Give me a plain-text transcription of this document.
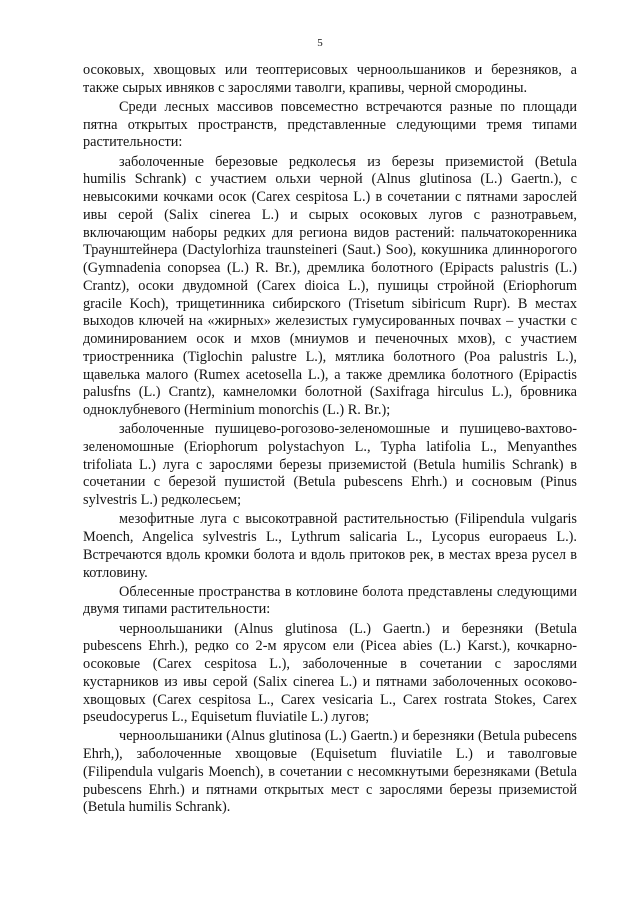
5

осоковых, хвощовых или теоптерисовых черноольшаников и березняков, а также сырых ивняков с зарослями таволги, крапивы, черной смородины.

Среди лесных массивов повсеместно встречаются разные по площади пятна открытых пространств, представленные следующими тремя типами растительности:

заболоченные березовые редколесья из березы приземистой (Betula humilis Schrank) с участием ольхи черной (Alnus glutinosa (L.) Gaertn.), с невысокими кочками осок (Carex cespitosa L.) в сочетании с пятнами зарослей ивы серой (Salix cinerea L.) и сырых осоковых лугов с разнотравьем, включающим наборы редких для региона видов растений: пальчатокоренника Траунштейнера (Dactylorhiza traunsteineri (Saut.) Soo), кокушника длиннорогого (Gymnadenia conopsea (L.) R. Br.), дремлика болотного (Epipacts palustris (L.) Crantz), осоки двудомной (Carex dioica L.), пушицы стройной (Eriophorum gracile Koch), трищетинника сибирского (Trisetum sibiricum Rupr). В местах выходов ключей на «жирных» железистых гумусированных почвах – участки с доминированием осок и мхов (мниумов и печеночных мхов), с участием триостренника (Tiglochin palustre L.), мятлика болотного (Poa palustris L.), щавелька малого (Rumex acetosella L.), а также дремлика болотного (Epipactis palusfns (L.) Crantz), камнеломки болотной (Saxifraga hirculus L.), бровника одноклубневого (Herminium monorchis (L.) R. Br.);

заболоченные пушицево-рогозово-зеленомошные и пушицево-вахтово-зеленомошные (Eriophorum polystachyon L., Typha latifolia L., Menyanthes trifoliata L.) луга с зарослями березы приземистой (Betula humilis Schrank) в сочетании с березой пушистой (Betula pubescens Ehrh.) и сосновым (Pinus sylvestris L.) редколесьем;

мезофитные луга с высокотравной растительностью (Filipendula vulgaris Moench, Angelica sylvestris L., Lythrum salicaria L., Lycopus europaeus L.). Встречаются вдоль кромки болота и вдоль притоков рек, в местах вреза русел в котловину.

Облесенные пространства в котловине болота представлены следующими двумя типами растительности:

черноольшаники (Alnus glutinosa (L.) Gaertn.) и березняки (Betula pubescens Ehrh.), редко со 2-м ярусом ели (Picea abies (L.) Karst.), кочкарно-осоковые (Carex cespitosa L.), заболоченные в сочетании с зарослями кустарников из ивы серой (Salix cinerea L.) и пятнами заболоченных осоково-хвощовых (Carex cespitosa L., Carex vesicaria L., Carex rostrata Stokes, Carex pseudocyperus L., Equisetum fluviatile L.) лугов;

черноольшаники (Alnus glutinosa (L.) Gaertn.) и березняки (Betula pubecens Ehrh,), заболоченные хвощовые (Equisetum fluviatile L.) и таволговые (Filipendula vulgaris Moench), в сочетании с несомкнутыми березняками (Betula pubescens Ehrh.) и пятнами открытых мест с зарослями березы приземистой (Betula humilis Schrank).
